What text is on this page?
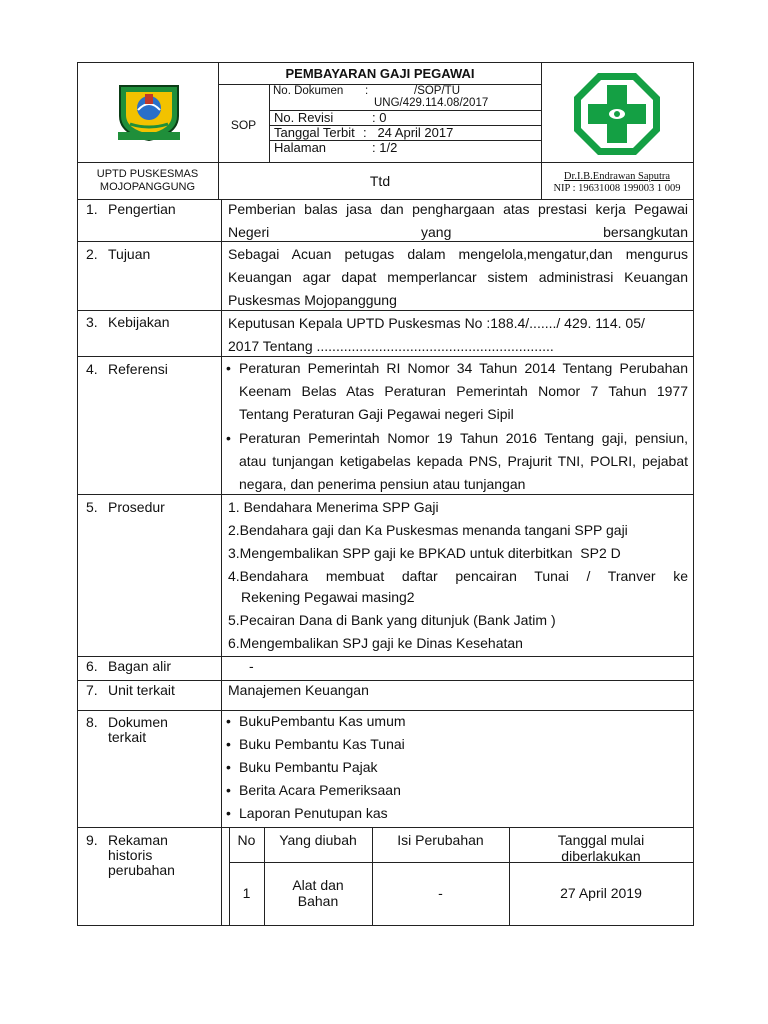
PEMBAYARAN GAJI PEGAWAI
SOP
No. Dokumen :	/SOP/TU
UNG/429.114.08/2017
No. Revisi	: 0
Tanggal Terbit :   24 April 2017
Halaman	: 1/2
UPTD PUSKESMAS
MOJOPANGGUNG	Ttd	Dr.I.B.Endrawan Saputra
NIP : 19631008 199003 1 009
1. Pengertian	Pemberian balas jasa dan penghargaan atas prestasi kerja Pegawai Negeri yang bersangkutan
2. Tujuan	Sebagai Acuan petugas dalam mengelola,mengatur,dan mengurus Keuangan agar dapat memperlancar sistem administrasi Keuangan Puskesmas Mojopanggung
3. Kebijakan	Keputusan Kepala UPTD Puskesmas No :188.4/......./ 429. 114. 05/
2017 Tentang .............................................................
4. Referensi
•	Peraturan Pemerintah RI Nomor 34 Tahun 2014 Tentang Perubahan Keenam Belas Atas Peraturan Pemerintah Nomor 7 Tahun 1977 Tentang Peraturan Gaji Pegawai negeri Sipil
• Peraturan Pemerintah Nomor 19 Tahun 2016 Tentang gaji, pensiun, atau tunjangan ketigabelas kepada PNS, Prajurit TNI, POLRI, pejabat negara, dan penerima pensiun atau tunjangan
5. Prosedur	1. Bendahara Menerima SPP Gaji
2.Bendahara gaji dan Ka Puskesmas menanda tangani SPP gaji
3.Mengembalikan SPP gaji ke BPKAD untuk diterbitkan  SP2 D
4.Bendahara membuat daftar pencairan Tunai / Tranver ke
Rekening Pegawai masing2
5.Pecairan Dana di Bank yang ditunjuk (Bank Jatim )
6.Mengembalikan SPJ gaji ke Dinas Kesehatan
6. Bagan alir	-
7. Unit terkait	Manajemen Keuangan
8. Dokumen
terkait
• BukuPembantu Kas umum
• Buku Pembantu Kas Tunai
• Buku Pembantu Pajak
• Berita Acara Pemeriksaan
• Laporan Penutupan kas
9. Rekaman
historis
perubahan
No	Yang diubah	Isi Perubahan	Tanggal mulai
diberlakukan
1	Alat dan
Bahan	-	27 April 2019
